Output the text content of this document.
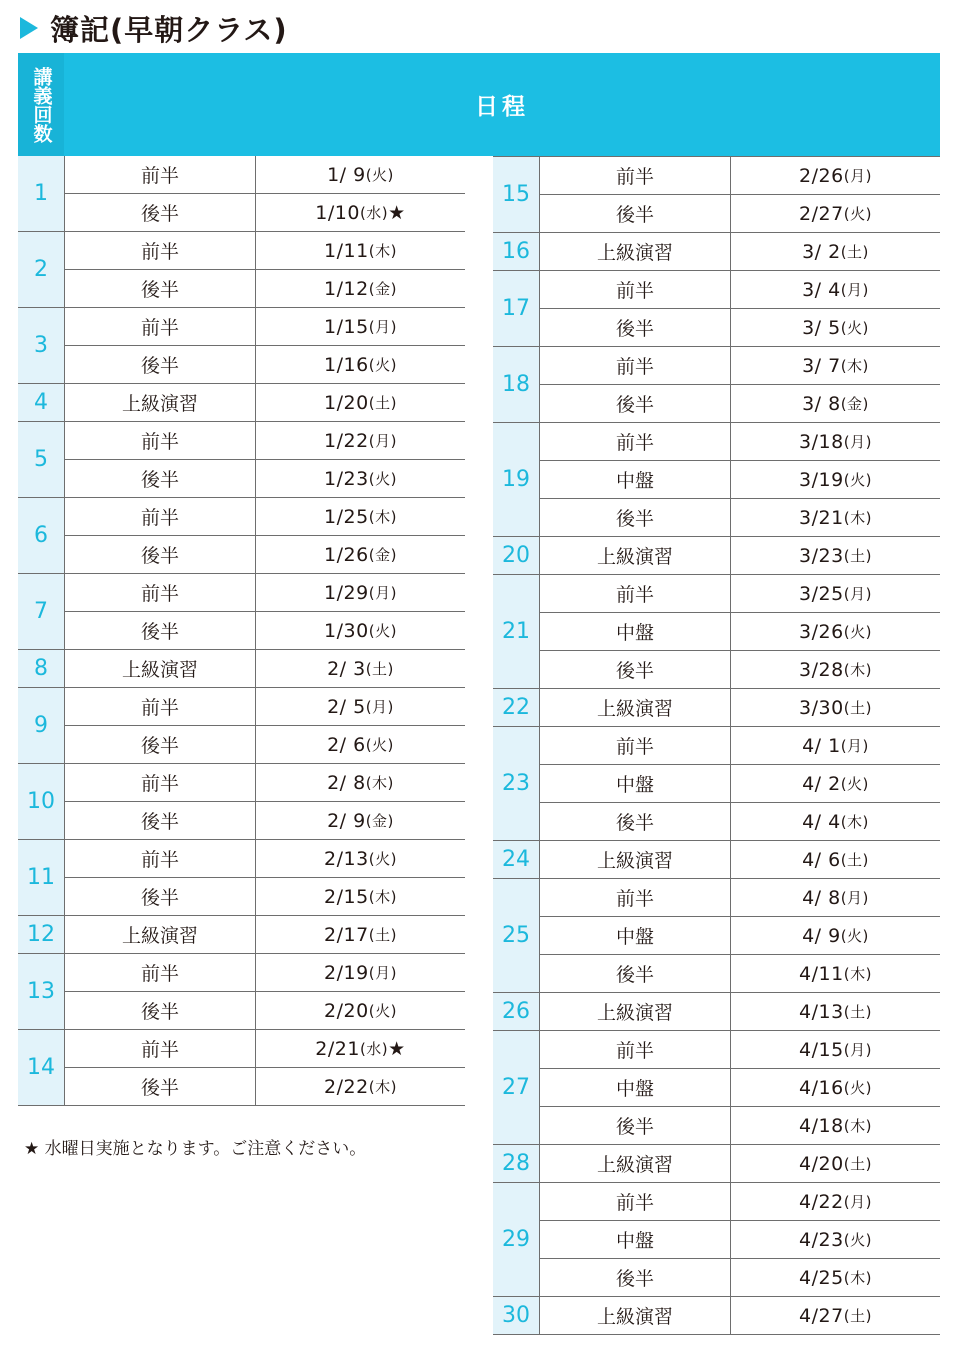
簿記(早朝クラス)
講義回数	日程
1
前半	1/ 9 (火)
後半	1/10 (水) ★
2
前半	1/11 (木)
後半	1/12 (金)
3
前半	1/15 (月)
後半	1/16 (火)
4	上級演習	1/20 (土)
5
前半	1/22 (月)
後半	1/23 (火)
6
前半	1/25 (木)
後半	1/26 (金)
7
前半	1/29 (月)
後半	1/30 (火)
8	上級演習	2/ 3 (土)
9
前半	2/ 5 (月)
後半	2/ 6 (火)
10
前半	2/ 8 (木)
後半	2/ 9 (金)
11
前半	2/13 (火)
後半	2/15 (木)
12	上級演習	2/17 (土)
13
前半	2/19 (月)
後半	2/20 (火)
14
前半	2/21 (水) ★
後半	2/22 (木)
15
前半	2/26 (月)
後半	2/27 (火)
16	上級演習	3/ 2 (土)
17
前半	3/ 4 (月)
後半	3/ 5 (火)
18
前半	3/ 7 (木)
後半	3/ 8 (金)
19
前半	3/18 (月)
中盤	3/19 (火)
後半	3/21 (木)
20	上級演習	3/23 (土)
21
前半	3/25 (月)
中盤	3/26 (火)
後半	3/28 (木)
22	上級演習	3/30 (土)
23
前半	4/ 1 (月)
中盤	4/ 2 (火)
後半	4/ 4 (木)
24	上級演習	4/ 6 (土)
25
前半	4/ 8 (月)
中盤	4/ 9 (火)
後半	4/11 (木)
26	上級演習	4/13 (土)
27
前半	4/15 (月)
中盤	4/16 (火)
後半	4/18 (木)
28	上級演習	4/20 (土)
29
前半	4/22 (月)
中盤	4/23 (火)
後半	4/25 (木)
30	上級演習	4/27 (土)
★ 水曜日実施となります。ご注意ください。
